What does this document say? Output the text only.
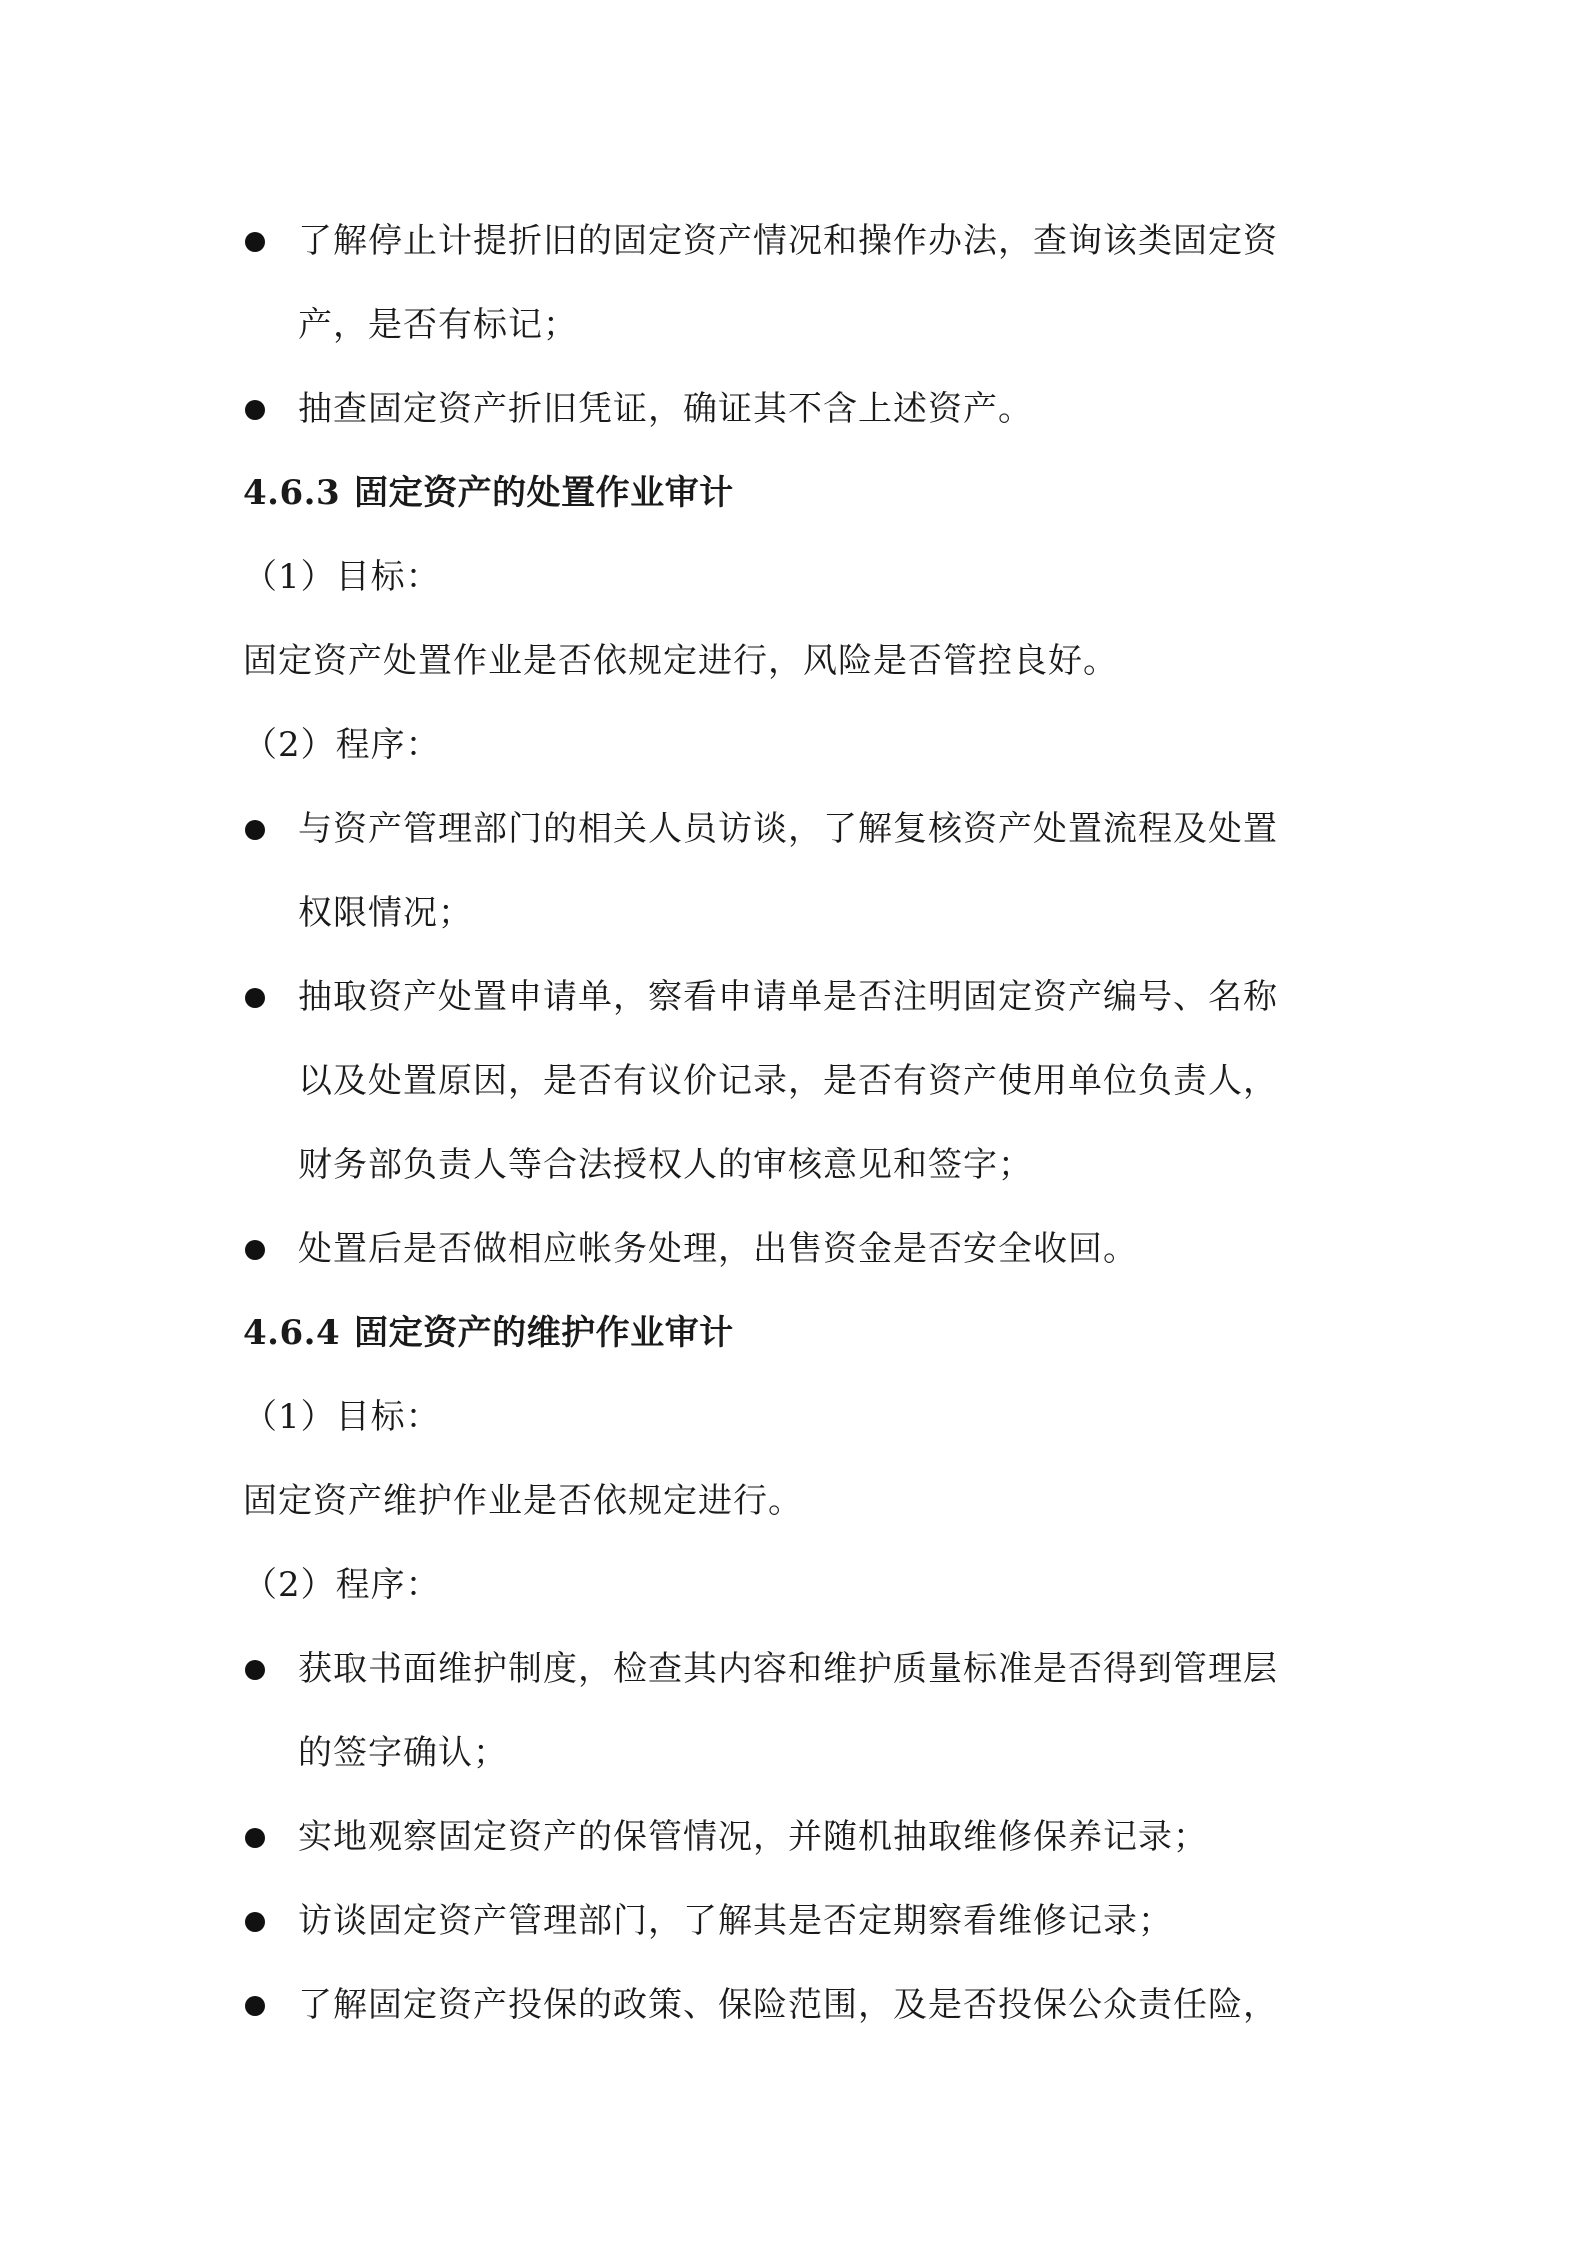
了解停止计提折旧的固定资产情况和操作办法，查询该类固定资
产，是否有标记；
抽查固定资产折旧凭证，确证其不含上述资产。
4.6.3 固定资产的处置作业审计
（1）目标：
固定资产处置作业是否依规定进行，风险是否管控良好。
（2）程序：
与资产管理部门的相关人员访谈，了解复核资产处置流程及处置
权限情况；
抽取资产处置申请单，察看申请单是否注明固定资产编号、名称
以及处置原因，是否有议价记录，是否有资产使用单位负责人，
财务部负责人等合法授权人的审核意见和签字；
处置后是否做相应帐务处理，出售资金是否安全收回。
4.6.4 固定资产的维护作业审计
（1）目标：
固定资产维护作业是否依规定进行。
（2）程序：
获取书面维护制度，检查其内容和维护质量标准是否得到管理层
的签字确认；
实地观察固定资产的保管情况，并随机抽取维修保养记录；
访谈固定资产管理部门，了解其是否定期察看维修记录；
了解固定资产投保的政策、保险范围，及是否投保公众责任险，
